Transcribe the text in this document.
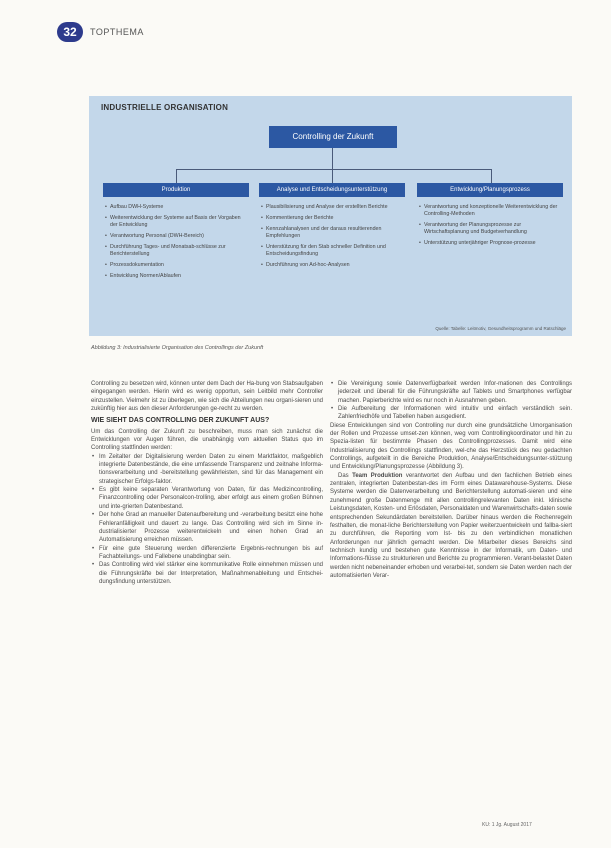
32	TOPTHEMA
INDUSTRIELLE ORGANISATION
Controlling der Zukunft
Produktion	Analyse und Entscheidungsunterstützung	Entwicklung/Planungsprozess
• Aufbau DWH-Systeme
• Weiterentwicklung der Systeme auf Basis der Vorgaben der Entwicklung
• Verantwortung Personal (DWH-Bereich)
• Durchführung Tages- und Monatsab-schlüsse zur Berichterstellung
• Prozessdokumentation
• Entwicklung Normen/Ablaufen
• Plausibilisierung und Analyse der erstellten Berichte
• Kommentierung der Berichte
• Kennzahlanalysen und der daraus resultierenden Empfehlungen
• Unterstützung für den Stab schneller Definition und Entscheidungsfindung
• Durchführung von Ad-hoc-Analysen
• Verantwortung und konzeptionelle Weiterentwicklung der Controlling-Methoden
• Verantwortung der Planungsprozesse zur Wirtschaftsplanung und Budgetverhandlung
• Unterstützung unterjähriger Prognose-prozesse
Quelle: Tabelle: Leitmotiv, Gesundheitsprogramm und Ratschläge
Abbildung 3: Industrialisierte Organisation des Controllings der Zukunft

Controlling zu besetzen wird, können unter dem Dach der Ha-bung von Stabsaufgaben eingegangen werden. Hierin wird es wenig opportun, sein Leitbild mehr Controller einzustellen. Vielmehr ist zu überlegen, wie sich die Abteilungen neu organi-sieren und zukünftig hier aus den dieser Anforderungen ge-recht zu werden.

WIE SIEHT DAS CONTROLLING DER ZUKUNFT AUS?

Um das Controlling der Zukunft zu beschreiben, muss man sich zunächst die Entwicklungen vor Augen führen, die unabhängig vom aktuellen Status quo im Controlling stattfinden werden:

• Im Zeitalter der Digitalisierung werden Daten zu einem Marktfaktor, maßgeblich integrierte Datenbestände, die eine umfassende Transparenz und zeitnahe Informa-tionsverarbeitung und -bereitstellung gewährleisten, sind für das Management ein strategischer Erfolgs-faktor.
• Es gibt keine separaten Verantwortung von Daten, für das Medizincontrolling, Finanzcontrolling oder Personalcon-trolling, aber erfolgt aus einem großen Bühnen und inte-grierten Datenbestand.
• Der hohe Grad an manueller Datenaufbereitung und -verarbeitung besitzt eine hohe Fehleranfälligkeit und dauert zu lange. Das Controlling wird sich im Sinne in-dustrialisierter Prozesse weiterentwickeln und einen hohen Grad an Automatisierung erreichen müssen.
• Für eine gute Steuerung werden differenzierte Ergebnis-rechnungen bis auf Fachabteilungs- und Fallebene unabdingbar sein.
• Das Controlling wird viel stärker eine kommunikative Rolle einnehmen müssen und die Führungskräfte bei der Interpretation, Maßnahmenableitung und Entschei-dungsfindung unterstützen.
• Die Vereinigung sowie Datenverfügbarkeit werden Infor-mationen des Controllings jederzeit und überall für die Führungskräfte auf Tablets und Smartphones verfügbar machen. Papierberichte wird es nur noch in Ausnahmen geben.
• Die Aufbereitung der Informationen wird intuitiv und einfach verständlich sein. Zahlenfriedhöfe und Tabellen haben ausgedient.

Diese Entwicklungen sind von Controlling nur durch eine grundsätzliche Umorganisation der Rollen und Prozesse umset-zen können, weg vom Controllingkoordinator und hin zu Spezia-listen für bestimmte Phasen des Controllingprozesses. Damit wird eine Industrialisierung des Controllings stattfinden, wel-che das Herzstück des neu gedachten Controllings, aufgeteilt in die Bereiche Produktion, Analyse/Entscheidungsunter-stützung und Entwicklung/Planungsprozesse (Abbildung 3).

Das Team Produktion verantwortet den Aufbau und den fachlichen Betrieb eines zentralen, integrierten Datenbestan-des im Form eines Datawarehouse-Systems. Diese Systeme werden die Datenverarbeitung und Berichterstellung automati-sieren und eine zunehmend große Datenmenge mit allen controllingrelevanten Daten inkl. klinische Leistungsdaten, Kosten- und Erlösdaten, Personaldaten und Warenwirtschafts-daten sowie entsprechenden Sekundärdaten bereitstellen. Darüber hinaus werden die Rechenregeln festhalten, die monat-liche Berichterstellung von Papier weiterzuentwickeln und fallba-siert zu durchführen, die Reporting vom Ist- bis zu den verbindlichen monatlichen Anforderungen nur jährlich gemacht werden. Die Mitarbeiter dieses Bereichs sind technisch kundig und bestehen gute Kenntnisse in der Informatik, um Daten- und Informations-flüsse zu strukturieren und Berichte zu programmieren. Verant-belastet Daten werden nicht nebeneinander erhoben und verarbei-tet, sondern sie Daten werden nach der automatisierten Verar-

KU: 1 Jg. August 2017
